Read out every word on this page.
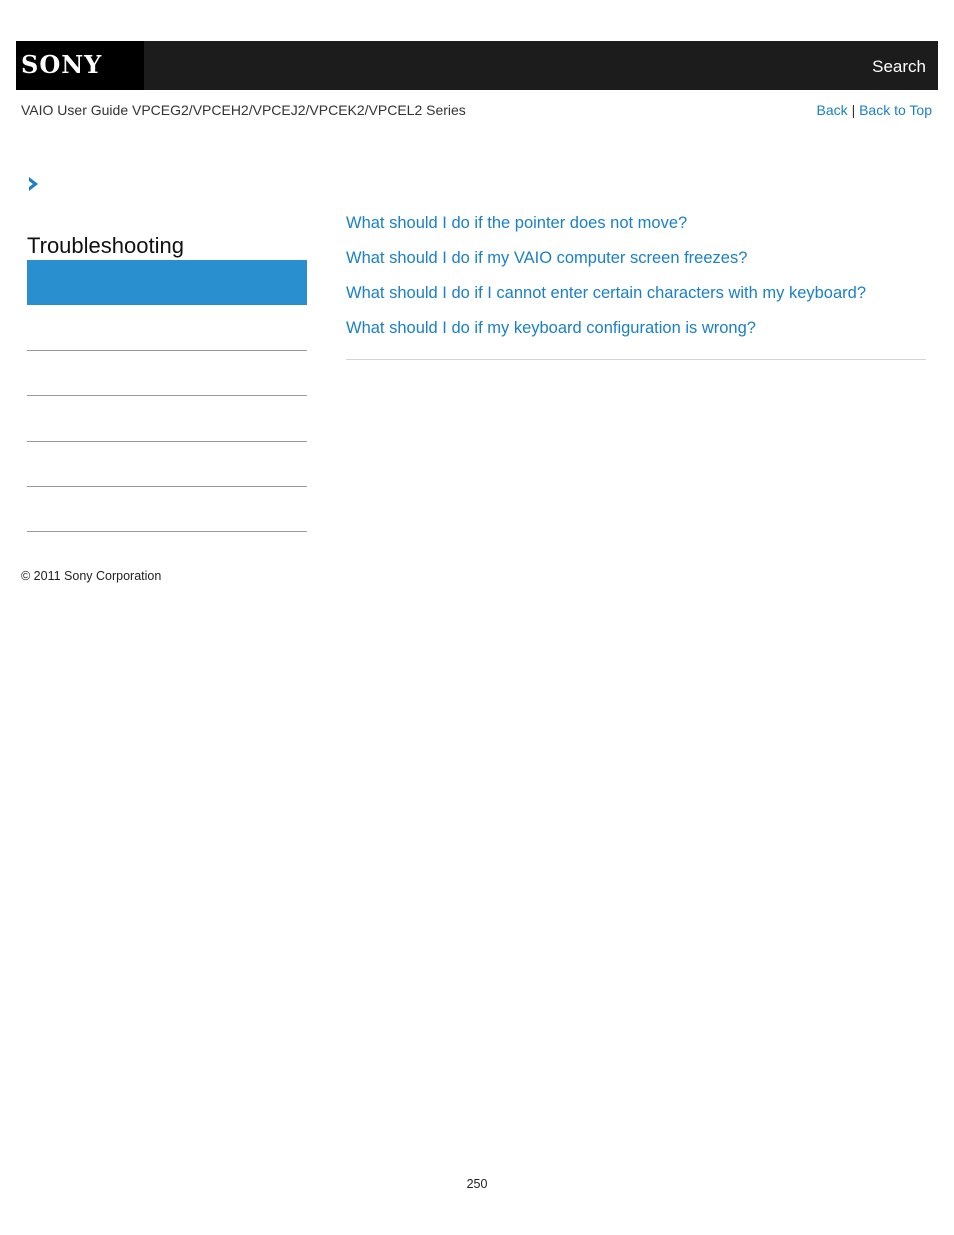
SONY	Search
VAIO User Guide VPCEG2/VPCEH2/VPCEJ2/VPCEK2/VPCEL2 Series	Back | Back to Top
Troubleshooting
What should I do if the pointer does not move?
What should I do if my VAIO computer screen freezes?
What should I do if I cannot enter certain characters with my keyboard?
What should I do if my keyboard configuration is wrong?
© 2011 Sony Corporation
250
